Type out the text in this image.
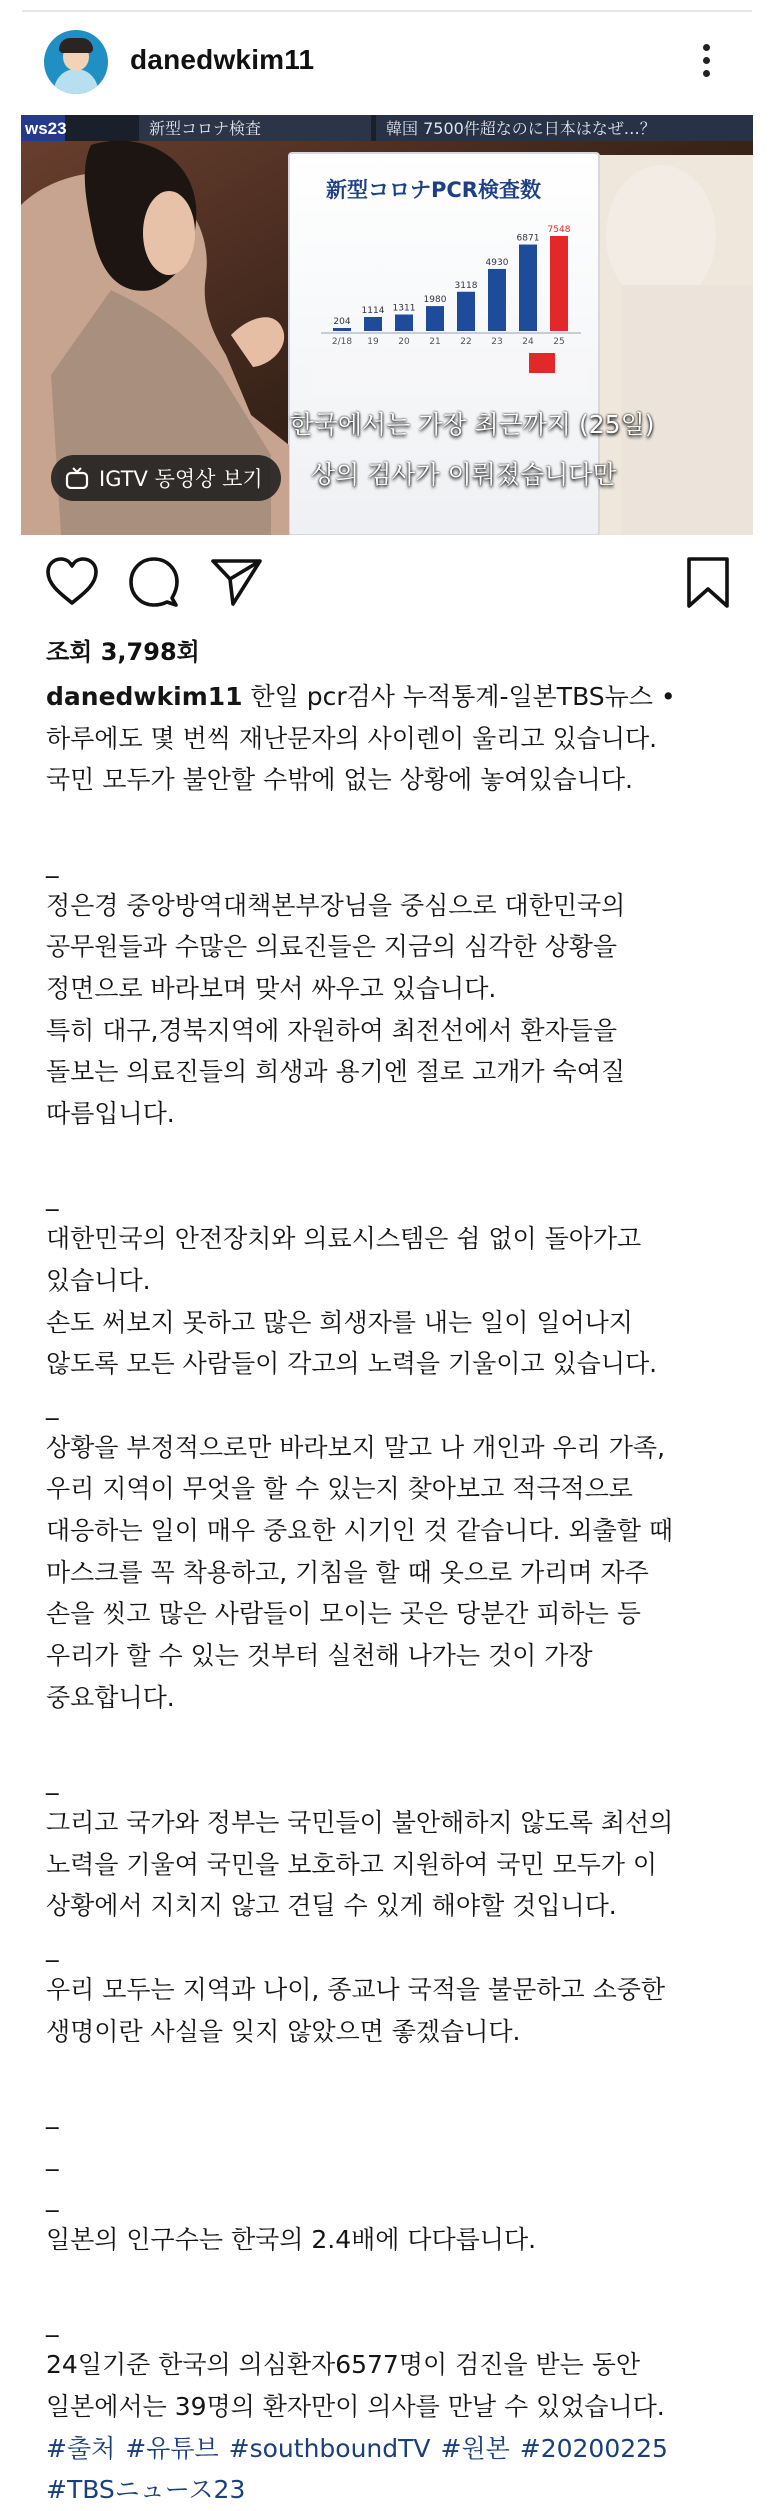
danedwkim11
ws23	新型コロナ検査	韓国 7500件超なのに日本はなぜ…？
新型コロナPCR検査数
204
1114 1311
1980
3118
4930
6871
7548
2/18 19 20 21 22 23 24 25
한국에서는 가장 최근까지 (25일)
상의 검사가 이뤄졌습니다만
IGTV 동영상 보기
조회 3,798회

danedwkim11 한일 pcr검사 누적통계-일본TBS뉴스 •

하루에도 몇 번씩 재난문자의 사이렌이 울리고 있습니다.

국민 모두가 불안할 수밖에 없는 상황에 놓여있습니다.

_

정은경 중앙방역대책본부장님을 중심으로 대한민국의

공무원들과 수많은 의료진들은 지금의 심각한 상황을

정면으로 바라보며 맞서 싸우고 있습니다.

특히 대구,경북지역에 자원하여 최전선에서 환자들을

돌보는 의료진들의 희생과 용기엔 절로 고개가 숙여질

따름입니다.

_

대한민국의 안전장치와 의료시스템은 쉼 없이 돌아가고

있습니다.

손도 써보지 못하고 많은 희생자를 내는 일이 일어나지

않도록 모든 사람들이 각고의 노력을 기울이고 있습니다.

_

상황을 부정적으로만 바라보지 말고 나 개인과 우리 가족,

우리 지역이 무엇을 할 수 있는지 찾아보고 적극적으로

대응하는 일이 매우 중요한 시기인 것 같습니다. 외출할 때

마스크를 꼭 착용하고, 기침을 할 때 옷으로 가리며 자주

손을 씻고 많은 사람들이 모이는 곳은 당분간 피하는 등

우리가 할 수 있는 것부터 실천해 나가는 것이 가장

중요합니다.

_

그리고 국가와 정부는 국민들이 불안해하지 않도록 최선의

노력을 기울여 국민을 보호하고 지원하여 국민 모두가 이

상황에서 지치지 않고 견딜 수 있게 해야할 것입니다.

_

우리 모두는 지역과 나이, 종교나 국적을 불문하고 소중한

생명이란 사실을 잊지 않았으면 좋겠습니다.

_

_

_

일본의 인구수는 한국의 2.4배에 다다릅니다.

_

24일기준 한국의 의심환자6577명이 검진을 받는 동안

일본에서는 39명의 환자만이 의사를 만날 수 있었습니다.

#출처 #유튜브 #southboundTV #원본 #20200225

#TBSニュース23
